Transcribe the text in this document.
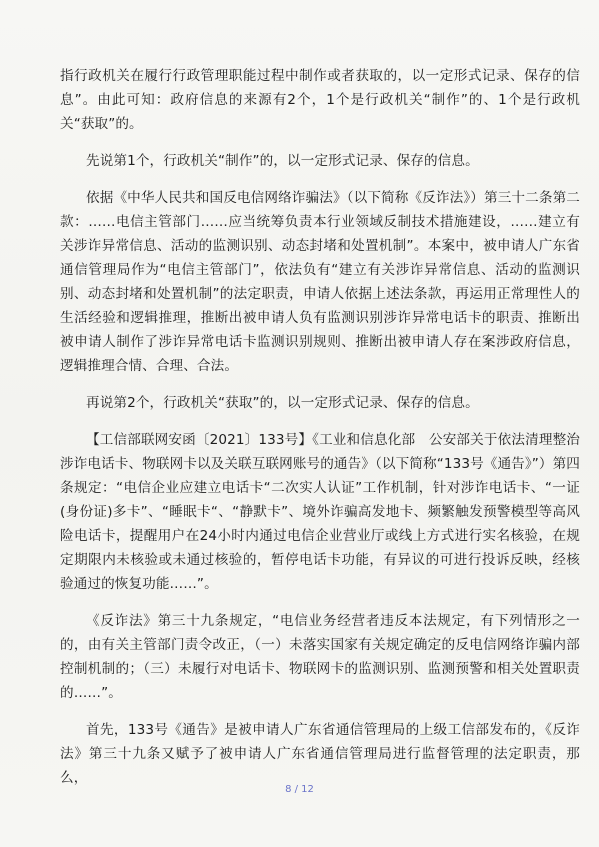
指行政机关在履行行政管理职能过程中制作或者获取的，以一定形式记录、保存的信息”。由此可知：政府信息的来源有2个，1个是行政机关“制作”的、1个是行政机关“获取”的。

先说第1个，行政机关“制作”的，以一定形式记录、保存的信息。

依据《中华人民共和国反电信网络诈骗法》（以下简称《反诈法》）第三十二条第二款：……电信主管部门……应当统筹负责本行业领域反制技术措施建设，……建立有关涉诈异常信息、活动的监测识别、动态封堵和处置机制”。本案中，被申请人广东省通信管理局作为“电信主管部门”，依法负有“建立有关涉诈异常信息、活动的监测识别、动态封堵和处置机制”的法定职责，申请人依据上述法条款，再运用正常理性人的生活经验和逻辑推理，推断出被申请人负有监测识别涉诈异常电话卡的职责、推断出被申请人制作了涉诈异常电话卡监测识别规则、推断出被申请人存在案涉政府信息，逻辑推理合情、合理、合法。

再说第2个，行政机关“获取”的，以一定形式记录、保存的信息。

【工信部联网安函〔2021〕133号】《工业和信息化部　公安部关于依法清理整治涉诈电话卡、物联网卡以及关联互联网账号的通告》（以下简称“133号《通告》”）第四条规定：“电信企业应建立电话卡“二次实人认证”工作机制，针对涉诈电话卡、“一证(身份证)多卡”、“睡眠卡“、“静默卡”、境外诈骗高发地卡、频繁触发预警模型等高风险电话卡，提醒用户在24小时内通过电信企业营业厅或线上方式进行实名核验，在规定期限内未核验或未通过核验的，暂停电话卡功能，有异议的可进行投诉反映，经核验通过的恢复功能……”。

《反诈法》第三十九条规定，“电信业务经营者违反本法规定，有下列情形之一的，由有关主管部门责令改正，（一）未落实国家有关规定确定的反电信网络诈骗内部控制机制的；（三）未履行对电话卡、物联网卡的监测识别、监测预警和相关处置职责的……”。

首先，133号《通告》是被申请人广东省通信管理局的上级工信部发布的，《反诈法》第三十九条又赋予了被申请人广东省通信管理局进行监督管理的法定职责，那么，

8 / 12
